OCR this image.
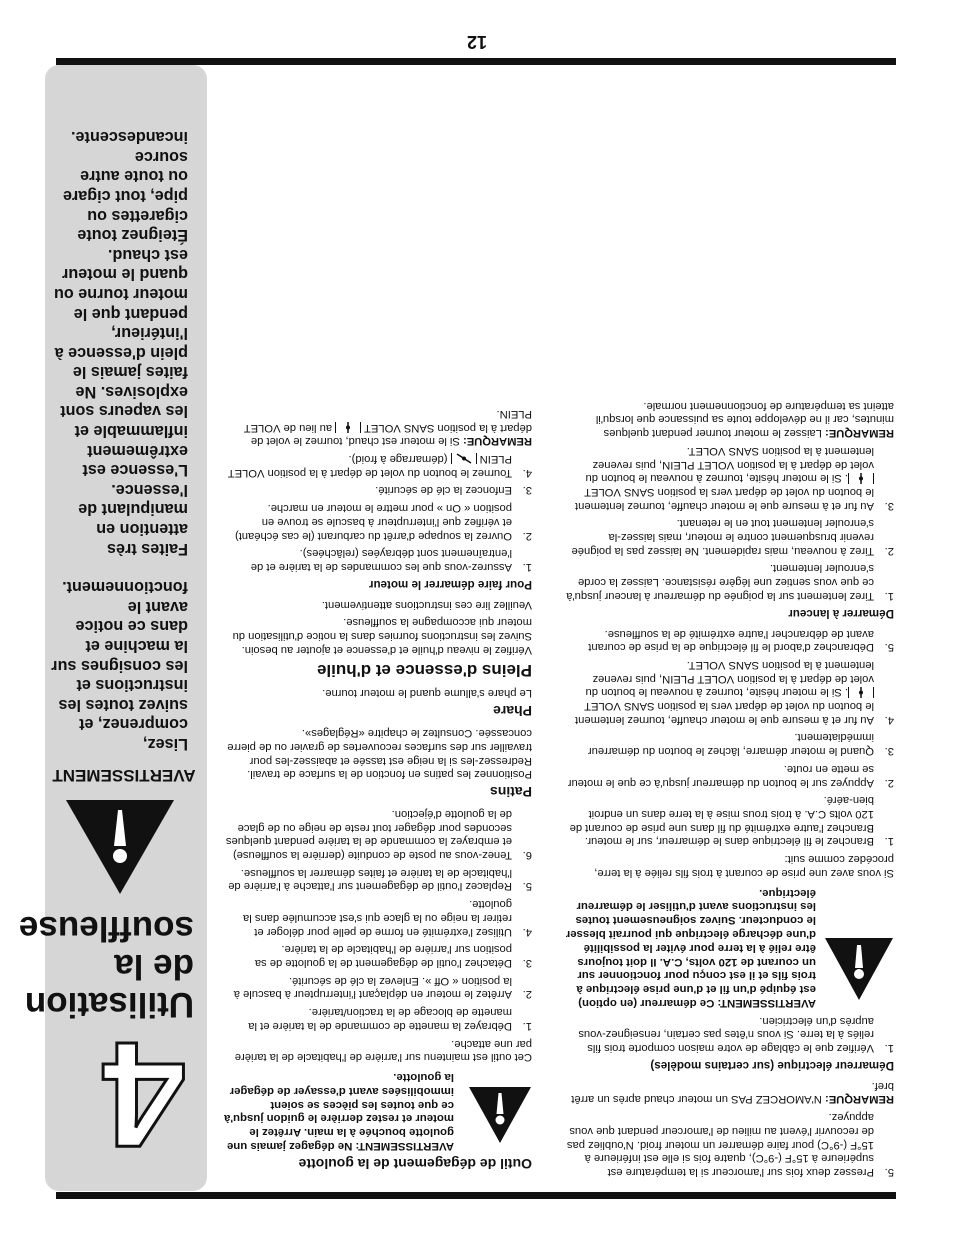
4
Utilisation de la souffleuse
AVERTISSEMENT

Lisez, comprenez, et suivez toutes les instructions et les consignes sur la machine et dans ce notice avant le fonctionnement.

Faites très attention en manipulant de l'essence. L'essence est extrêmement inflammable et les vapeurs sont explosives. Ne faites jamais le plein d'essence à l'intérieur, pendant que le moteur tourne ou quand le moteur est chaud. Éteignez toute cigarettes ou pipe, tout cigare ou toute autre source incandescente.

Outil de dégagement de la goulotte
AVERTISSEMENT: Ne dégagez jamais une goulotte bouchée à la main. Arrêtez le moteur et restez derrière le guidon jusqu'à ce que toutes les pièces se soient immobilisées avant d'essayer de dégager la goulotte.

Cet outil est maintenu sur l'arrière de l'habitacle de la tarière par une attache.

1.
Débrayez la manette de commande de la tarière et la manette de blocage de la traction/tarière.
2.
Arrêtez le moteur en déplaçant l'interrupteur à bascule à la position « Off ». Enlevez la clé de sécurité.
3.
Détachez l'outil de dégagement de la goulotte de sa position sur l'arrière de l'habitacle de la tarière.
4.
Utilisez l'extrémité en forme de pelle pour déloger et retirer la neige ou la glace qui s'est accumulée dans la goulotte.
5.
Replacez l'outil de dégagement sur l'attache à l'arrière de l'habitacle de la tarière et faites démarrer la souffleuse.
6.
Tenez-vous au poste de conduite (derrière la souffleuse) et embrayez la commande de la tarière pendant quelques secondes pour dégager tout reste de neige ou de glace de la goulotte d'éjection.
Patins

Positionnez les patins en fonction de la surface de travail. Redressez-les si la neige est tassée et abaissez-les pour travailler sur des surfaces recouvertes de gravier ou de pierre concassée. Consultez le chapitre «Réglages».

Phare

Le phare s'allume quand le moteur tourne.

Pleins d'essence et d'huile

Vérifiez le niveau d'huile et d'essence et ajouter au besoin. Suivez les instructions fournies dans la notice d'utilisation du moteur qui accompagne la souffleuse.

Veuillez lire ces instructions attentivement.

Pour faire démarrer le moteur
1.
Assurez-vous que les commandes de la tarière et de l'entraînement sont débrayées (relâchées).
2.
Ouvrez la soupape d'arrêt du carburant (le cas échéant) et vérifiez que l'interrupteur à bascule se trouve en position « On » pour mettre le moteur en marche.
3.
Enfoncez la clé de sécurité.
4.
Tournez le bouton du volet de départ à la position VOLET PLEIN  (démarrage à froid).

REMARQUE: Si le moteur est chaud, tournez le volet de départ à la position SANS VOLET  au lieu de VOLET PLEIN.

5.
Pressez deux fois sur l'amorceur si la température est supérieure à 15°F (-9°C), quatre fois si elle est inférieure à 15°F (-9°C) pour faire démarrer un moteur froid. N'oubliez pas de recouvrir l'évent au milieu de l'amorceur pendant que vous appuyez.

REMARQUE: N'AMORCEZ PAS un moteur chaud après un arrêt bref.

Démarreur électrique (sur certains modèles)
1.
Vérifiez que le câblage de votre maison comporte trois fils reliés à la terre. Si vous n'êtes pas certain, renseignez-vous auprès d'un électricien.
AVERTISSEMENT: Ce démarreur (en option) est équipé d'un fil et d'une prise électrique à trois fils et il est conçu pour fonctionner sur un courant de 120 volts, C.A. Il doit toujours être relié à la terre pour éviter la possibilité d'une décharge électrique qui pourrait blesser le conducteur. Suivez soigneusement toutes les instructions avant d'utiliser le démarreur électrique.

Si vous avez une prise de courant à trois fils reliée à la terre, procédez comme suit:

1.
Branchez le fil électrique dans le démarreur, sur le moteur. Branchez l'autre extrémité du fil dans une prise de courant de 120 volts C.A. à trois trous mise à la terre dans un endroit bien-aéré.
2.
Appuyez sur le bouton du démarreur jusqu'à ce que le moteur se mette en route.
3.
Quand le moteur démarre, lâchez le bouton du démarreur immédiatement.
4.
Au fur et à mesure que le moteur chauffe, tournez lentement le bouton du volet de départ vers la position SANS VOLET . Si le moteur hésite, tournez à nouveau le bouton du volet de départ à la position VOLET PLEIN, puis revenez lentement à la position SANS VOLET.
5.
Débranchez d'abord le fil électrique de la prise de courant avant de débrancher l'autre extrémité de la souffleuse.
Démarrer à lanceur
1.
Tirez lentement sur la poignée du démarreur à lanceur jusqu'à ce que vous sentiez une légère résistance. Laissez la corde s'enrouler lentement.
2.
Tirez à nouveau, mais rapidement. Ne laissez pas la poignée revenir brusquement contre le moteur, mais laissez-la s'enrouler lentement tout en le retenant.
3.
Au fur et à mesure que le moteur chauffe, tournez lentement le bouton du volet de départ vers la position SANS VOLET . Si le moteur hésite, tournez à nouveau le bouton du volet de départ à la position VOLET PLEIN, puis revenez lentement à la position SANS VOLET.

REMARQUE: Laissez le moteur tourner pendant quelques minutes, car il ne développe toute sa puissance que lorsqu'il atteint sa température de fonctionnement normale.

12
